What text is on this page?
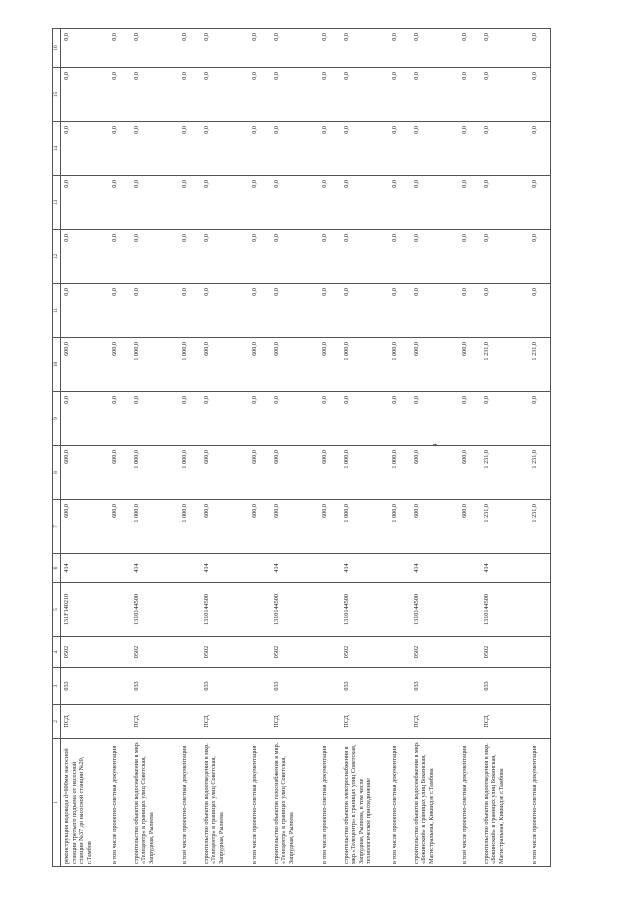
4
1	2	3	4	5	6	7	8	9	10	11	12	13	14	15	16
реконструкция водовода d=600мм насосной станции третьего подъема от насосной станции №37 до насосной станции №20, г.Тамбов	ПСД	033	0502	131F140210	414	600,0	600,0	0,0	600,0	0,0	0,0	0,0	0,0	0,0	0,0
в том числе проектно-сметная документация						600,0	600,0	0,0	600,0	0,0	0,0	0,0	0,0	0,0	0,0
строительство объектов водоснабжения в мкр. «Телецентр» в границах улиц Советская, Запрудная, Рылеева	ПСД	033	0502	1310144500	414	1 000,0	1 000,0	0,0	1 000,0	0,0	0,0	0,0	0,0	0,0	0,0
в том числе проектно-сметная документация						1 000,0	1 000,0	0,0	1 000,0	0,0	0,0	0,0	0,0	0,0	0,0
строительство объектов водоотведения в мкр. «Телецентр» в границах улиц Советская, Запрудная, Рылеева	ПСД	033	0502	1310144500	414	600,0	600,0	0,0	600,0	0,0	0,0	0,0	0,0	0,0	0,0
в том числе проектно-сметная документация						600,0	600,0	0,0	600,0	0,0	0,0	0,0	0,0	0,0	0,0
строительство объектов газоснабжения в мкр. «Телецентр» в границах улиц Советская, Запрудная, Рылеева	ПСД	033	0502	1310144500	414	600,0	600,0	0,0	600,0	0,0	0,0	0,0	0,0	0,0	0,0
в том числе проектно-сметная документация						600,0	600,0	0,0	600,0	0,0	0,0	0,0	0,0	0,0	0,0
строительство объектов электроснабжения в мкр.«Телецентр» в границах улиц Советская, Запрудная, Рылеева, в том числе технологическое присоединение	ПСД	033	0502	1310144500	414	1 000,0	1 000,0	0,0	1 000,0	0,0	0,0	0,0	0,0	0,0	0,0
в том числе проектно-сметная документация						1 000,0	1 000,0	0,0	1 000,0	0,0	0,0	0,0	0,0	0,0	0,0
строительство объектов водоснабжения в мкр. «Бокинский» в границах улиц Бокинская, Магистральная, Киквидзе г.Тамбова	ПСД	033	0502	1310144500	414	600,0	600,0	0,0	600,0	0,0	0,0	0,0	0,0	0,0	0,0
в том числе проектно-сметная документация						600,0	600,0	0,0	600,0	0,0	0,0	0,0	0,0	0,0	0,0
строительство объектов водоотведения в мкр. «Бокинский» в границах улиц Бокинская, Магистральная, Киквидзе г.Тамбова	ПСД	033	0502	1310144500	414	1 231,0	1 231,0	0,0	1 231,0	0,0	0,0	0,0	0,0	0,0	0,0
в том числе проектно-сметная документация						1 231,0	1 231,0	0,0	1 231,0	0,0	0,0	0,0	0,0	0,0	0,0
